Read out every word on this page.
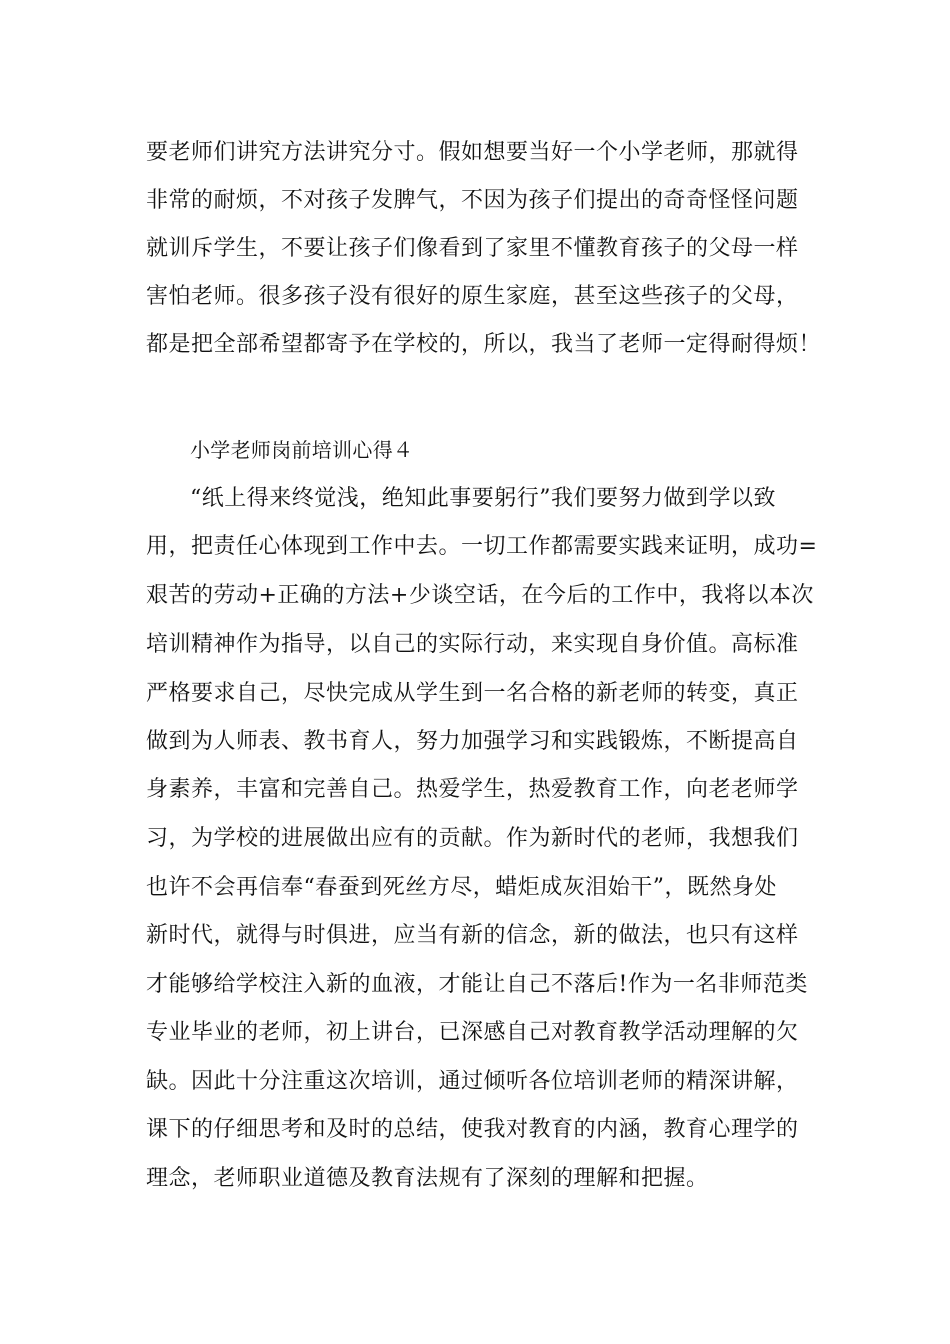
要老师们讲究方法讲究分寸。假如想要当好一个小学老师，那就得
非常的耐烦，不对孩子发脾气，不因为孩子们提出的奇奇怪怪问题
就训斥学生，不要让孩子们像看到了家里不懂教育孩子的父母一样
害怕老师。很多孩子没有很好的原生家庭，甚至这些孩子的父母，
都是把全部希望都寄予在学校的，所以，我当了老师一定得耐得烦！
小学老师岗前培训心得４
“纸上得来终觉浅，绝知此事要躬行”我们要努力做到学以致
用，把责任心体现到工作中去。一切工作都需要实践来证明，成功=
艰苦的劳动+正确的方法+少谈空话，在今后的工作中，我将以本次
培训精神作为指导，以自己的实际行动，来实现自身价值。高标准
严格要求自己，尽快完成从学生到一名合格的新老师的转变，真正
做到为人师表、教书育人，努力加强学习和实践锻炼，不断提高自
身素养，丰富和完善自己。热爱学生，热爱教育工作，向老老师学
习，为学校的进展做出应有的贡献。作为新时代的老师，我想我们
也许不会再信奉“春蚕到死丝方尽，蜡炬成灰泪始干”，既然身处
新时代，就得与时俱进，应当有新的信念，新的做法，也只有这样
才能够给学校注入新的血液，才能让自己不落后!作为一名非师范类
专业毕业的老师，初上讲台，已深感自己对教育教学活动理解的欠
缺。因此十分注重这次培训，通过倾听各位培训老师的精深讲解，
课下的仔细思考和及时的总结，使我对教育的内涵，教育心理学的
理念，老师职业道德及教育法规有了深刻的理解和把握。
